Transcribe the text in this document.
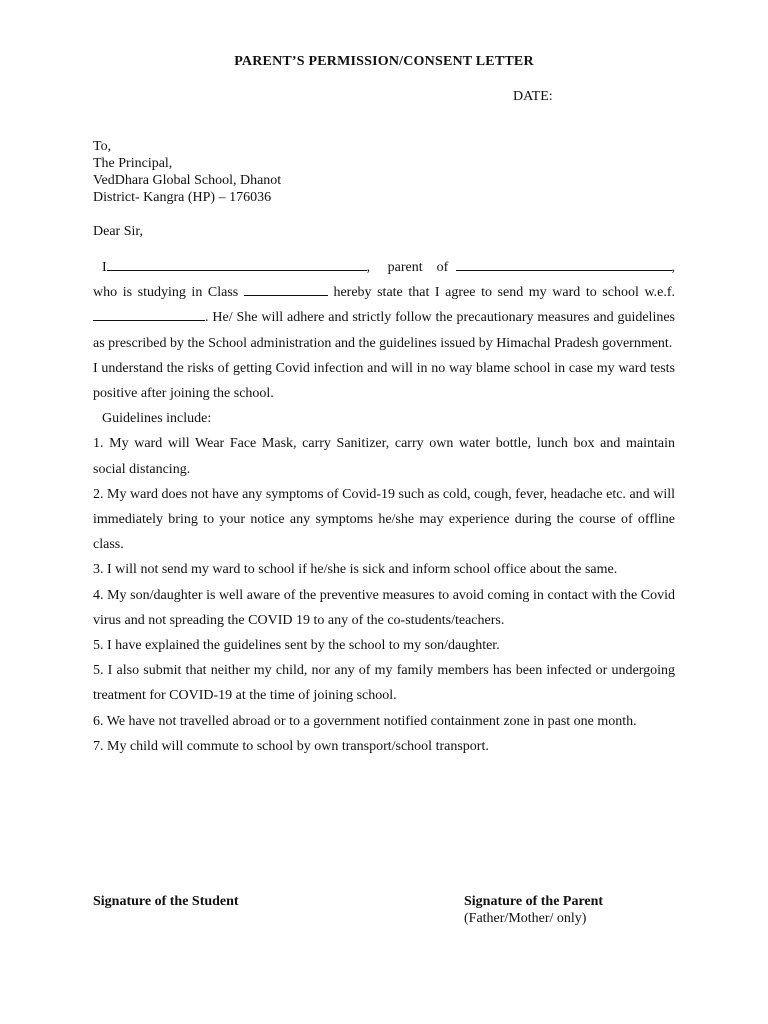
PARENT’S PERMISSION/CONSENT LETTER
DATE:
To,
The Principal,
VedDhara Global School, Dhanot
District- Kangra (HP) – 176036
Dear Sir,
I	,     parent    of	,

who is studying in Class	hereby state that I agree to send my ward to school w.e.f. . He/ She will adhere and strictly follow the precautionary measures and guidelines as prescribed by the School administration and the guidelines issued by Himachal Pradesh government.

I understand the risks of getting Covid infection and will in no way blame school in case my ward tests positive after joining the school.

Guidelines include:

1. My ward will Wear Face Mask, carry Sanitizer, carry own water bottle, lunch box and maintain social distancing.

2. My ward does not have any symptoms of Covid-19 such as cold, cough, fever, headache etc. and will immediately bring to your notice any symptoms he/she may experience during the course of offline class.

3. I will not send my ward to school if he/she is sick and inform school office about the same.

4. My son/daughter is well aware of the preventive measures to avoid coming in contact with the Covid virus and not spreading the COVID 19 to any of the co-students/teachers.

5. I have explained the guidelines sent by the school to my son/daughter.

5. I also submit that neither my child, nor any of my family members has been infected or undergoing treatment for COVID-19 at the time of joining school.

6. We have not travelled abroad or to a government notified containment zone in past one month.

7. My child will commute to school by own transport/school transport.

Signature of the Student	Signature of the Parent
(Father/Mother/ only)
